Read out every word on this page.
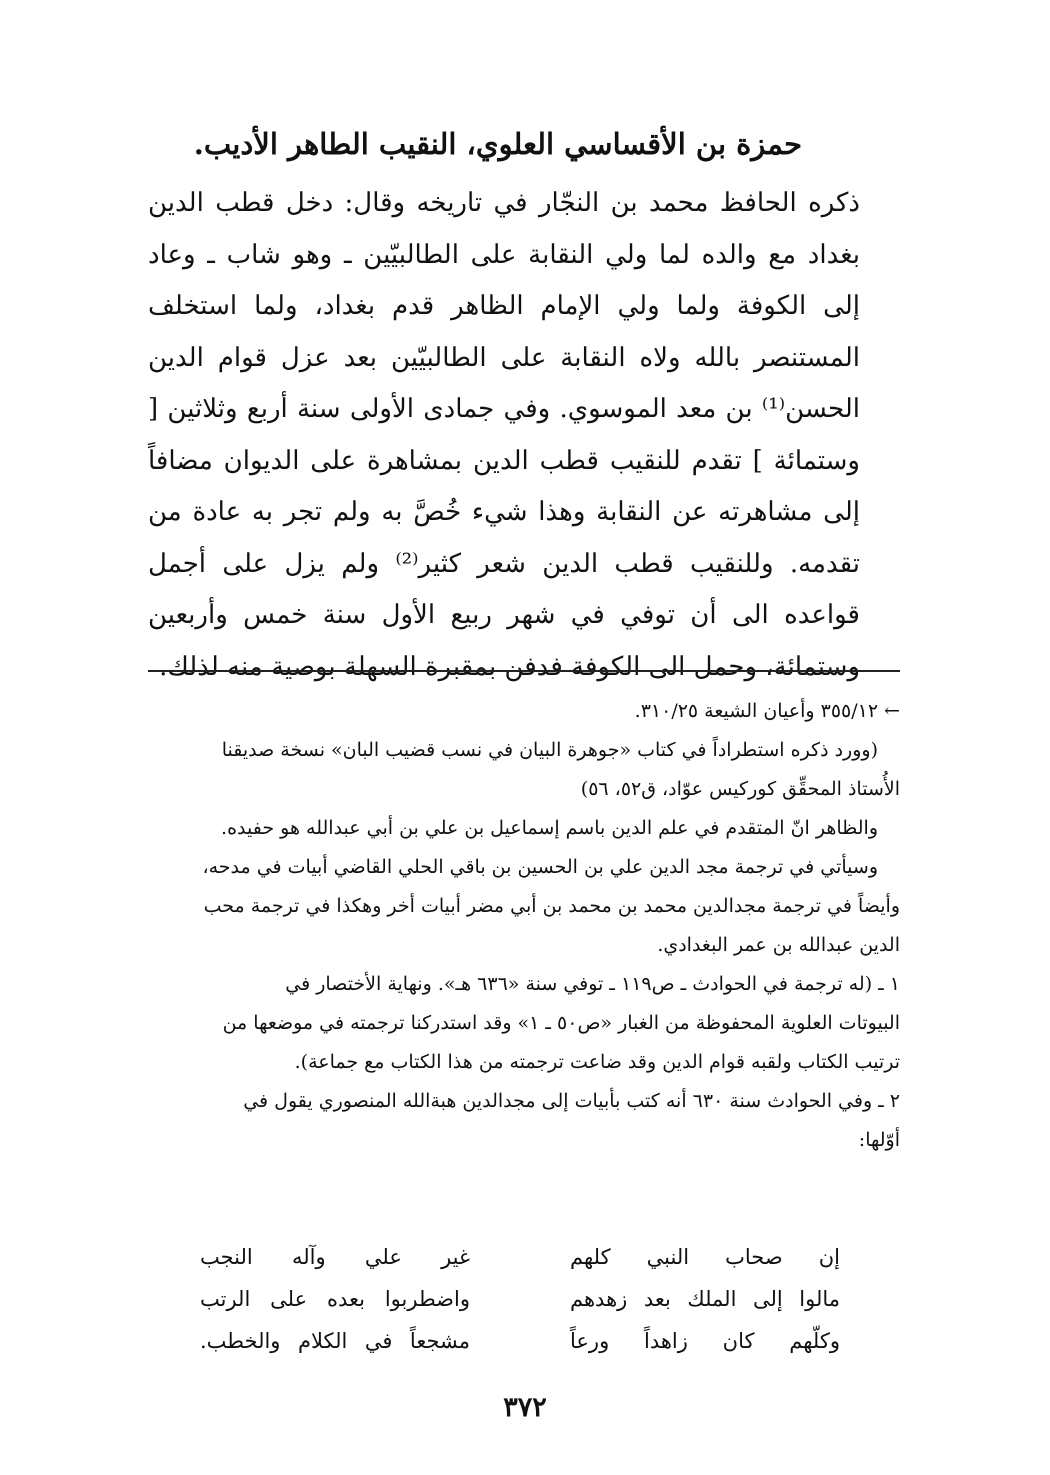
حمزة بن الأقساسي العلوي، النقيب الطاهر الأديب.

ذكره الحافظ محمد بن النجّار في تاريخه وقال: دخل قطب الدين بغداد مع والده لما ولي النقابة على الطالبيّين ـ وهو شاب ـ وعاد إلى الكوفة ولما ولي الإمام الظاهر قدم بغداد، ولما استخلف المستنصر بالله ولاه النقابة على الطالبيّين بعد عزل قوام الدين الحسن⁽¹⁾ بن معد الموسوي. وفي جمادى الأولى سنة أربع وثلاثين [ وستمائة ] تقدم للنقيب قطب الدين بمشاهرة على الديوان مضافاً إلى مشاهرته عن النقابة وهذا شيء خُصَّ به ولم تجر به عادة من تقدمه. وللنقيب قطب الدين شعر كثير⁽²⁾ ولم يزل على أجمل قواعده الى أن توفي في شهر ربيع الأول سنة خمس وأربعين وستمائة، وحمل الى الكوفة فدفن بمقبرة السهلة بوصية منه لذلك.

←٣٥٥/١٢ وأعيان الشيعة ٣١٠/٢٥.

(وورد ذكره استطراداً في كتاب «جوهرة البيان في نسب قضيب البان» نسخة صديقنا

الأُستاذ المحقِّق كوركيس عوّاد، ق٥٢، ٥٦)

والظاهر انّ المتقدم في علم الدين باسم إسماعيل بن علي بن أبي عبدالله هو حفيده.

وسيأتي في ترجمة مجد الدين علي بن الحسين بن باقي الحلي القاضي أبيات في مدحه،

وأيضاً في ترجمة مجدالدين محمد بن محمد بن أبي مضر أبيات أخر وهكذا في ترجمة محب

الدين عبدالله بن عمر البغدادي.

١ ـ (له ترجمة في الحوادث ـ ص١١٩ ـ توفي سنة «٦٣٦ هـ». ونهاية الأختصار في

البيوتات العلوية المحفوظة من الغبار «ص٥٠ ـ ١» وقد استدركنا ترجمته في موضعها من

ترتيب الكتاب ولقبه قوام الدين وقد ضاعت ترجمته من هذا الكتاب مع جماعة).

٢ ـ وفي الحوادث سنة ٦٣٠ أنه كتب بأبيات إلى مجدالدين هبةالله المنصوري يقول في

أوّلها:

إن صحاب النبي كلهم
غير علي وآله النجب
مالوا إلى الملك بعد زهدهم
واضطربوا بعده على الرتب
وكلّهم كان زاهداً ورعاً
مشجعاً في الكلام والخطب.
٣٧٢
